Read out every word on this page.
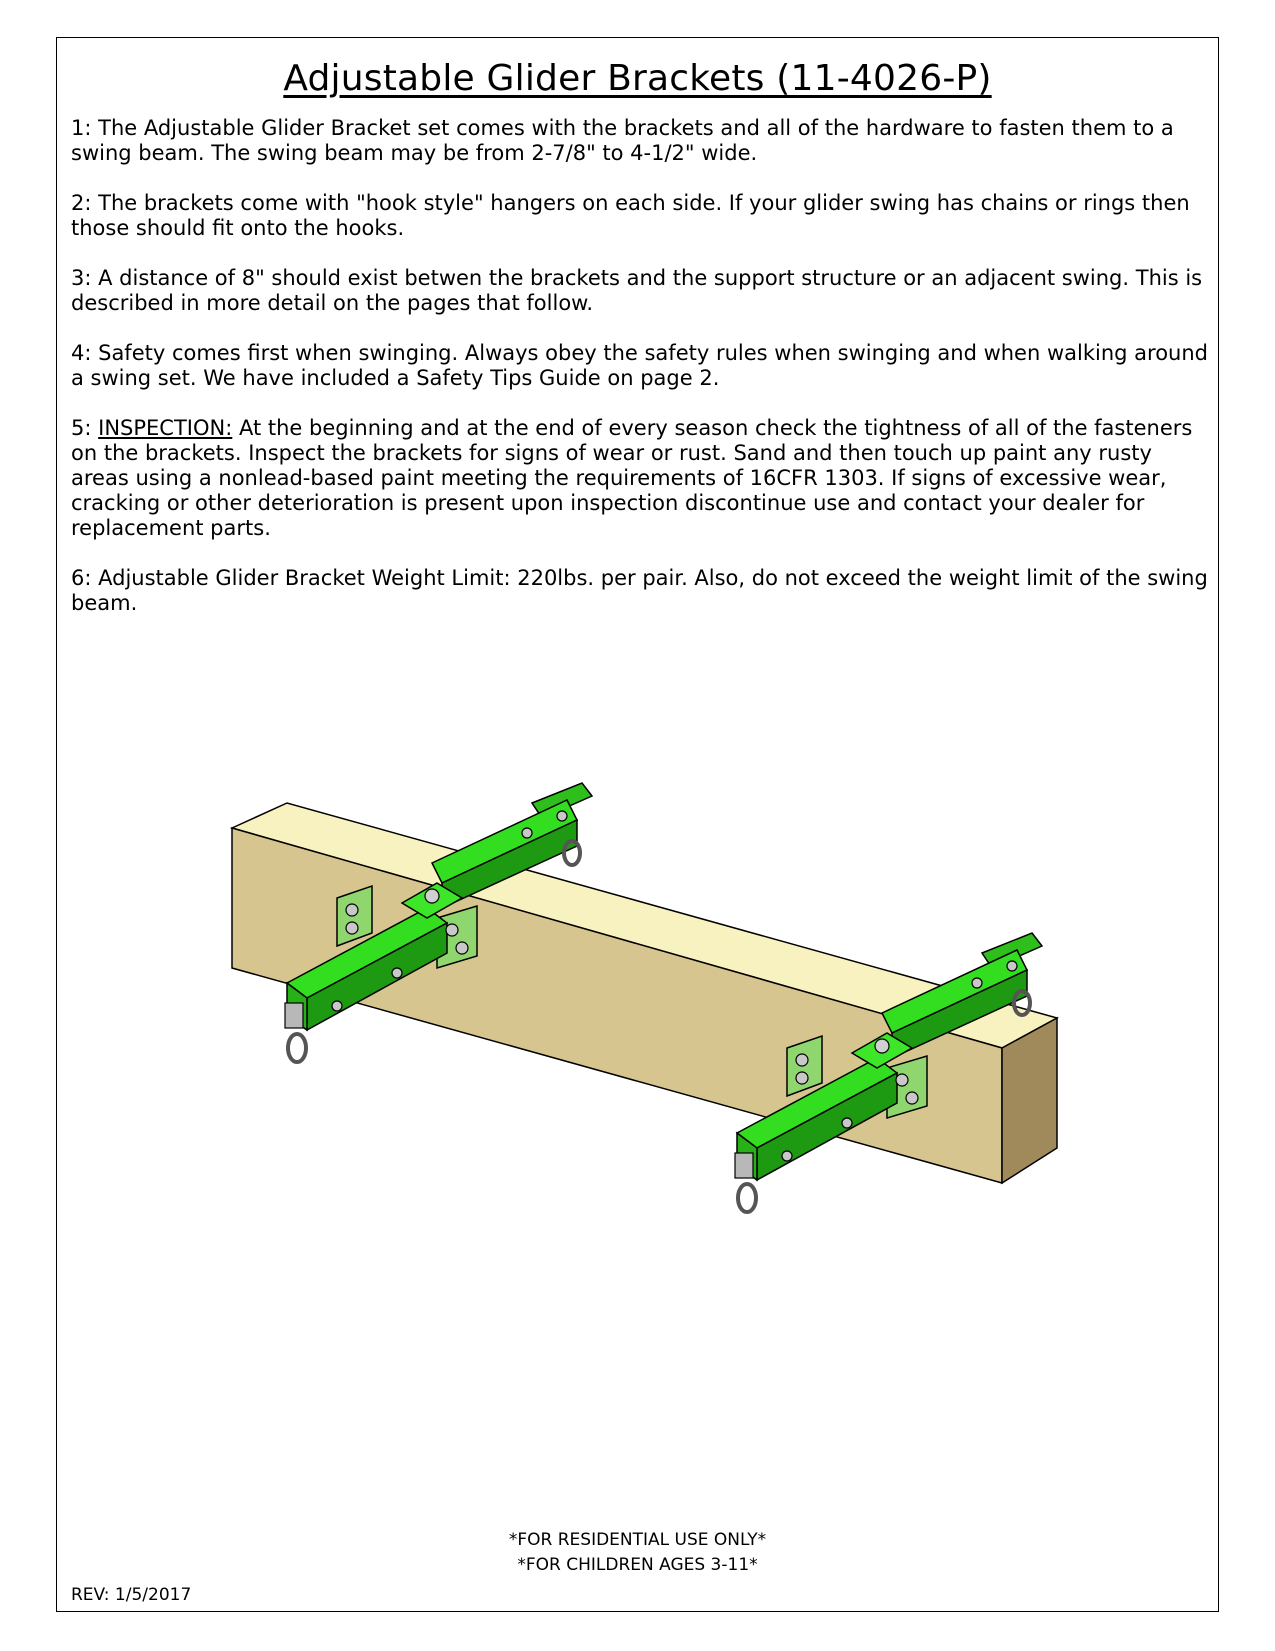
Adjustable Glider Brackets (11-4026-P)

1: The Adjustable Glider Bracket set comes with the brackets and all of the hardware to fasten them to a swing beam. The swing beam may be from 2-7/8" to 4-1/2" wide.

2: The brackets come with "hook style" hangers on each side. If your glider swing has chains or rings then those should fit onto the hooks.

3: A distance of 8" should exist betwen the brackets and the support structure or an adjacent swing. This is described in more detail on the pages that follow.

4: Safety comes first when swinging. Always obey the safety rules when swinging and when walking around a swing set. We have included a Safety Tips Guide on page 2.

5: INSPECTION: At the beginning and at the end of every season check the tightness of all of the fasteners on the brackets. Inspect the brackets for signs of wear or rust. Sand and then touch up paint any rusty areas using a nonlead-based paint meeting the requirements of 16CFR 1303. If signs of excessive wear, cracking or other deterioration is present upon inspection discontinue use and contact your dealer for replacement parts.

6: Adjustable Glider Bracket Weight Limit: 220lbs. per pair. Also, do not exceed the weight limit of the swing beam.

*FOR RESIDENTIAL USE ONLY*
*FOR CHILDREN AGES 3-11*
REV: 1/5/2017
